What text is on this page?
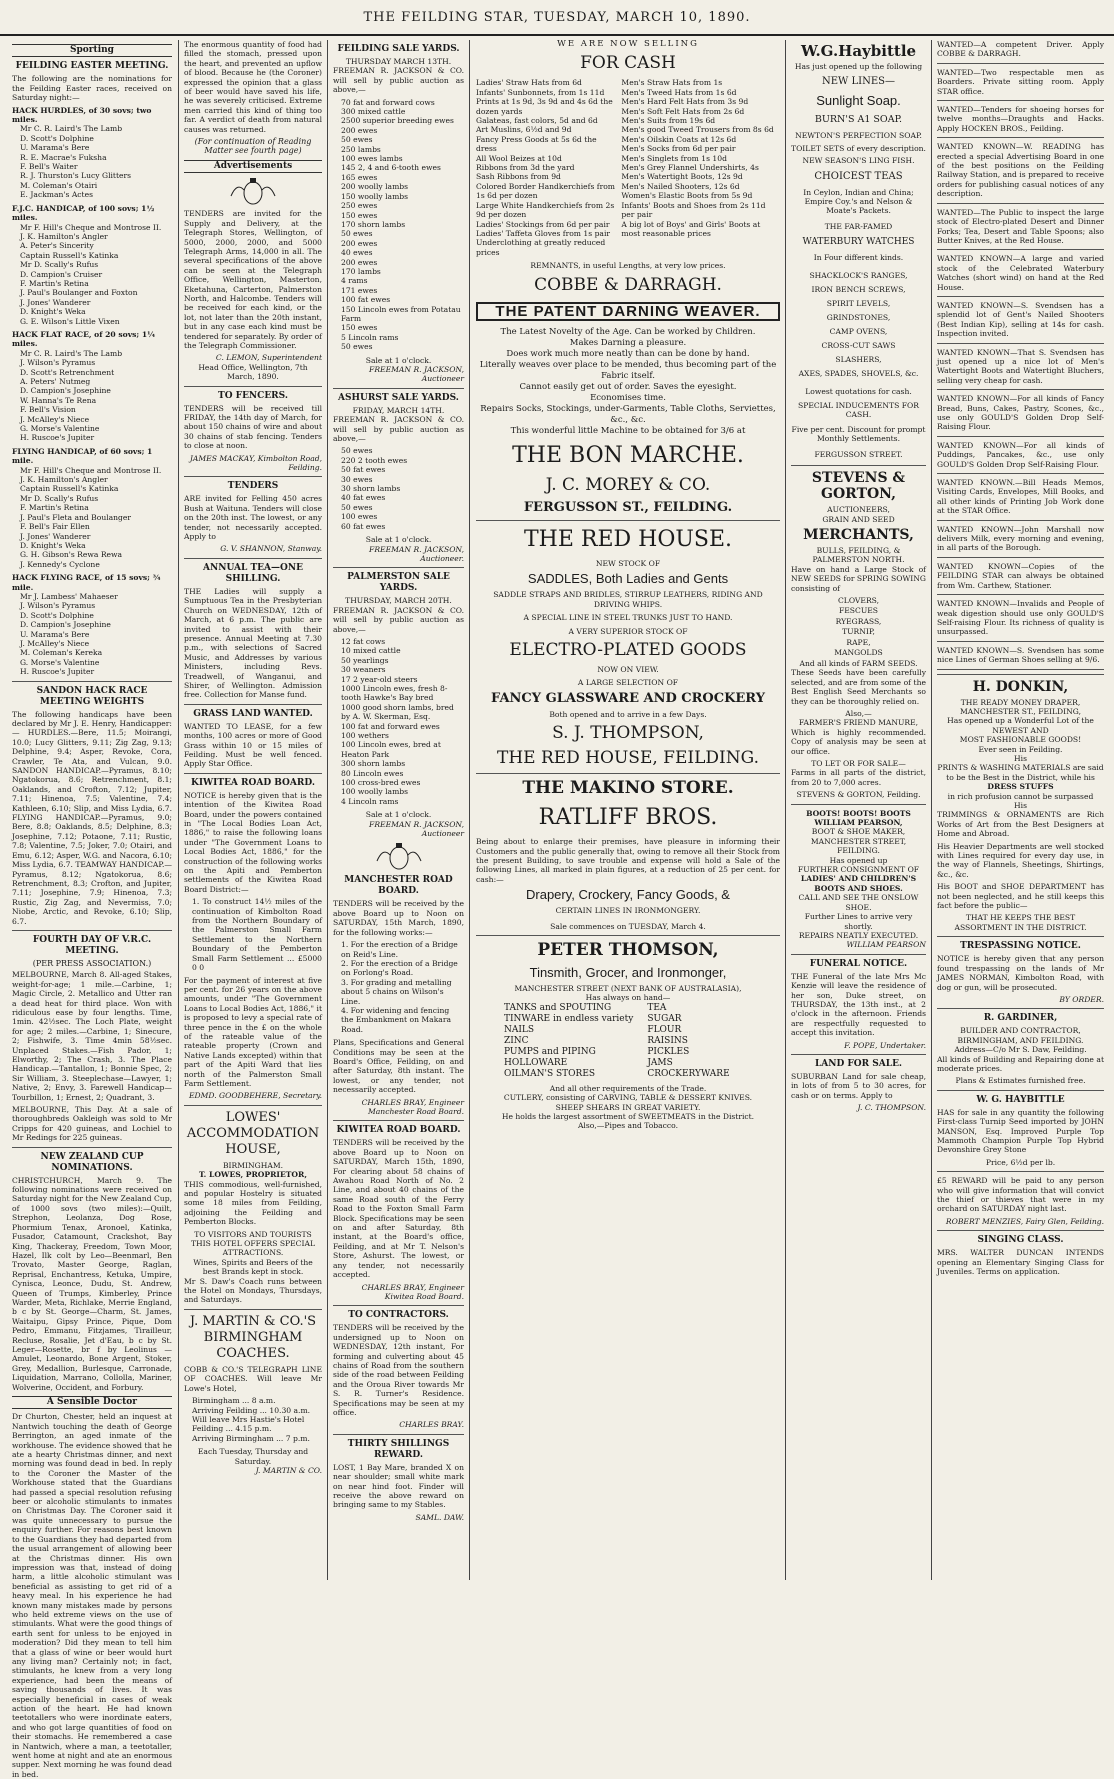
THE FEILDING STAR, TUESDAY, MARCH 10, 1890.
Sporting
FEILDING EASTER MEETING.

The following are the nominations for the Feilding Easter races, received on Saturday night:—

HACK HURDLES, of 30 sovs; two miles.
Mr C. R. Laird's The Lamb
D. Scott's Dolphine
U. Marama's Bere
R. E. Macrae's Fuksha
F. Bell's Waiter
R. J. Thurston's Lucy Glitters
M. Coleman's Otairi
E. Jackman's Actes
F.J.C. HANDICAP, of 100 sovs; 1½ miles.
Mr F. Hill's Cheque and Montrose II.
J. K. Hamilton's Angler
A. Peter's Sincerity
Captain Russell's Katinka
Mr D. Scally's Rufus
D. Campion's Cruiser
F. Martin's Retina
J. Paul's Boulanger and Foxton
J. Jones' Wanderer
D. Knight's Weka
G. E. Wilson's Little Vixen
HACK FLAT RACE, of 20 sovs; 1¼ miles.
Mr C. R. Laird's The Lamb
J. Wilson's Pyramus
D. Scott's Retrenchment
A. Peters' Nutmeg
D. Campion's Josephine
W. Hanna's Te Rena
F. Bell's Vision
J. McAlley's Niece
G. Morse's Valentine
H. Ruscoe's Jupiter
FLYING HANDICAP, of 60 sovs; 1 mile.
Mr F. Hill's Cheque and Montrose II.
J. K. Hamilton's Angler
Captain Russell's Katinka
Mr D. Scally's Rufus
F. Martin's Retina
J. Paul's Fleta and Boulanger
F. Bell's Fair Ellen
J. Jones' Wanderer
D. Knight's Weka
G. H. Gibson's Rewa Rewa
J. Kennedy's Cyclone
HACK FLYING RACE, of 15 sovs; ¾ mile.
Mr J. Lambess' Mahaeser
J. Wilson's Pyramus
D. Scott's Dolphine
D. Campion's Josephine
U. Marama's Bere
J. McAlley's Niece
M. Coleman's Kereka
G. Morse's Valentine
H. Ruscoe's Jupiter
SANDON HACK RACE MEETING WEIGHTS

The following handicaps have been declared by Mr J. E. Henry, Handicapper:— HURDLES.—Bere, 11.5; Moirangi, 10.0; Lucy Glitters, 9.11; Zig Zag, 9.13; Delphine, 9.4; Asper, Revoke, Cora, Crawler, Te Ata, and Vulcan, 9.0. SANDON HANDICAP.—Pyramus, 8.10; Ngatokorua, 8.6; Retrenchment, 8.1; Oaklands, and Crofton, 7.12; Jupiter, 7.11; Hinenoa, 7.5; Valentine, 7.4; Kathleen, 6.10; Slip, and Miss Lydia, 6.7. FLYING HANDICAP.—Pyramus, 9.0; Bere, 8.8; Oaklands, 8.5; Delphine, 8.3; Josephine, 7.12; Potaone, 7.11; Rustic, 7.8; Valentine, 7.5; Joker, 7.0; Otairi, and Emu, 6.12; Asper, W.G. and Nacora, 6.10; Miss Lydia, 6.7. TEAMWAY HANDICAP.—Pyramus, 8.12; Ngatokorua, 8.6; Retrenchment, 8.3; Crofton, and Jupiter, 7.11; Josephine, 7.9; Hinenoa, 7.3; Rustic, Zig Zag, and Nevermiss, 7.0; Niobe, Arctic, and Revoke, 6.10; Slip, 6.7.

FOURTH DAY OF V.R.C. MEETING.
(PER PRESS ASSOCIATION.)

MELBOURNE, March 8. All-aged Stakes, weight-for-age; 1 mile.—Carbine, 1; Magic Circle, 2. Metallico and Utter ran a dead heat for third place. Won with ridiculous ease by four lengths. Time, 1min. 42½sec. The Loch Plate, weight for age; 2 miles.—Carbine, 1; Sinecure, 2; Fishwife, 3. Time 4min 58½sec. Unplaced Stakes.—Fish Pador, 1; Elworthy, 2; The Crash, 3. The Place Handicap.—Tantallon, 1; Bonnie Spec, 2; Sir William, 3. Steeplechase—Lawyer, 1; Native, 2; Envy, 3. Farewell Handicap—Tourbillon, 1; Ernest, 2; Quadrant, 3.

MELBOURNE, This Day. At a sale of thoroughbreds Oakleigh was sold to Mr Cripps for 420 guineas, and Lochiel to Mr Redings for 225 guineas.

NEW ZEALAND CUP NOMINATIONS.

CHRISTCHURCH, March 9. The following nominations were received on Saturday night for the New Zealand Cup, of 1000 sovs (two miles):—Quilt, Strephon, Leolanza, Dog Rose, Phormium Tenax, Aronoel, Katinka, Fusador, Catamount, Crackshot, Bay King, Thackeray, Freedom, Town Moor, Hazel, Ilk colt by Leo—Beenmarl, Ben Trovato, Master George, Raglan, Reprisal, Enchantress, Ketuka, Umpire, Cynisca, Leonce, Dudu, St. Andrew, Queen of Trumps, Kimberley, Prince Warder, Meta, Richlake, Merrie England, b c by St. George—Charm, St. James, Waitaipu, Gipsy Prince, Pique, Dom Pedro, Emmanu, Fitzjames, Tirailleur, Recluse, Rosalie, Jet d'Eau, b c by St. Leger—Rosette, br f by Leolinus —Amulet, Leonardo, Bone Argent, Stoker, Grey, Medallion, Burlesque, Carronade, Liquidation, Marrano, Collolla, Mariner, Wolverine, Occident, and Forbury.

A Sensible Doctor

Dr Churton, Chester, held an inquest at Nantwich touching the death of George Berrington, an aged inmate of the workhouse. The evidence showed that he ate a hearty Christmas dinner, and next morning was found dead in bed. In reply to the Coroner the Master of the Workhouse stated that the Guardians had passed a special resolution refusing beer or alcoholic stimulants to inmates on Christmas Day. The Coroner said it was quite unnecessary to pursue the enquiry further. For reasons best known to the Guardians they had departed from the usual arrangement of allowing beer at the Christmas dinner. His own impression was that, instead of doing harm, a little alcoholic stimulant was beneficial as assisting to get rid of a heavy meal. In his experience he had known many mistakes made by persons who held extreme views on the use of stimulants. What were the good things of earth sent for unless to be enjoyed in moderation? Did they mean to tell him that a glass of wine or beer would hurt any living man? Certainly not; in fact, stimulants, he knew from a very long experience, had been the means of saving thousands of lives. It was especially beneficial in cases of weak action of the heart. He had known teetotallers who were inordinate eaters, and who got large quantities of food on their stomachs. He remembered a case in Nantwich, where a man, a teetotaller, went home at night and ate an enormous supper. Next morning he was found dead in bed.

The enormous quantity of food had filled the stomach, pressed upon the heart, and prevented an upflow of blood. Because he (the Coroner) expressed the opinion that a glass of beer would have saved his life, he was severely criticised. Extreme men carried this kind of thing too far. A verdict of death from natural causes was returned.

(For continuation of Reading Matter see fourth page)
Advertisements

TENDERS are invited for the Supply and Delivery, at the Telegraph Stores, Wellington, of 5000, 2000, 2000, and 5000 Telegraph Arms, 14,000 in all. The several specifications of the above can be seen at the Telegraph Office, Wellington, Masterton, Eketahuna, Carterton, Palmerston North, and Halcombe. Tenders will be received for each kind, or the lot, not later than the 20th instant, but in any case each kind must be tendered for separately. By order of the Telegraph Commissioner.

C. LEMON, Superintendent
Head Office, Wellington, 7th March, 1890.
TO FENCERS.

TENDERS will be received till FRIDAY, the 14th day of March, for about 150 chains of wire and about 30 chains of stab fencing. Tenders to close at noon.

JAMES MACKAY, Kimbolton Road, Feilding.
TENDERS

ARE invited for Felling 450 acres Bush at Waituna. Tenders will close on the 20th inst. The lowest, or any tender, not necessarily accepted. Apply to

G. V. SHANNON, Stanway.
ANNUAL TEA—ONE SHILLING.

THE Ladies will supply a Sumptuous Tea in the Presbyterian Church on WEDNESDAY, 12th of March, at 6 p.m. The public are invited to assist with their presence. Annual Meeting at 7.30 p.m., with selections of Sacred Music, and Addresses by various Ministers, including Revs. Treadwell, of Wanganui, and Shirer, of Wellington. Admission free. Collection for Manse fund.

GRASS LAND WANTED.

WANTED TO LEASE, for a few months, 100 acres or more of Good Grass within 10 or 15 miles of Feilding. Must be well fenced. Apply Star Office.

KIWITEA ROAD BOARD.

NOTICE is hereby given that is the intention of the Kiwitea Road Board, under the powers contained in "The Local Bodies Loan Act, 1886," to raise the following loans under "The Government Loans to Local Bodies Act, 1886," for the construction of the following works on the Apiti and Pemberton settlements of the Kiwitea Road Board District:—

1. To construct 14½ miles of the continuation of Kimbolton Road from the Northern Boundary of the Palmerston Small Farm Settlement to the Northern Boundary of the Pemberton Small Farm Settlement ... £5000 0 0

For the payment of interest at five per cent. for 26 years on the above amounts, under "The Government Loans to Local Bodies Act, 1886," it is proposed to levy a special rate of three pence in the £ on the whole of the rateable value of the rateable property (Crown and Native Lands excepted) within that part of the Apiti Ward that lies north of the Palmerston Small Farm Settlement.

EDMD. GOODBEHERE, Secretary.
LOWES' ACCOMMODATION HOUSE,
BIRMINGHAM.
T. LOWES, PROPRIETOR,

THIS commodious, well-furnished, and popular Hostelry is situated some 18 miles from Feilding, adjoining the Feilding and Pemberton Blocks.

TO VISITORS AND TOURISTS THIS HOTEL OFFERS SPECIAL ATTRACTIONS.
Wines, Spirits and Beers of the best Brands kept in stock.

Mr S. Daw's Coach runs between the Hotel on Mondays, Thursdays, and Saturdays.

J. MARTIN & CO.'S BIRMINGHAM COACHES.

COBB & CO.'S TELEGRAPH LINE OF COACHES. Will leave Mr Lowe's Hotel,

Birmingham ... 8 a.m.
Arriving Feilding ... 10.30 a.m.
Will leave Mrs Hastie's Hotel
Feilding ... 4.15 p.m.
Arriving Birmingham ... 7 p.m.
Each Tuesday, Thursday and Saturday.
J. MARTIN & CO.
FEILDING SALE YARDS.
THURSDAY MARCH 13TH.

FREEMAN R. JACKSON & CO. will sell by public auction as above,—

70 fat and forward cows
300 mixed cattle
2500 superior breeding ewes
200 ewes
50 ewes
250 lambs
100 ewes lambs
145 2, 4 and 6-tooth ewes
165 ewes
200 woolly lambs
150 woolly lambs
250 ewes
150 ewes
170 shorn lambs
50 ewes
200 ewes
40 ewes
200 ewes
170 lambs
4 rams
171 ewes
100 fat ewes
150 Lincoln ewes from Potatau Farm
150 ewes
5 Lincoln rams
50 ewes
Sale at 1 o'clock.
FREEMAN R. JACKSON, Auctioneer
ASHURST SALE YARDS.
FRIDAY, MARCH 14TH.

FREEMAN R. JACKSON & CO. will sell by public auction as above,—

50 ewes
220 2 tooth ewes
50 fat ewes
30 ewes
30 shorn lambs
40 fat ewes
50 ewes
100 ewes
60 fat ewes
Sale at 1 o'clock.
FREEMAN R. JACKSON, Auctioneer.
PALMERSTON SALE YARDS.
THURSDAY, MARCH 20TH.

FREEMAN R. JACKSON & CO. will sell by public auction as above,—

12 fat cows
10 mixed cattle
50 yearlings
30 weaners
17 2 year-old steers
1000 Lincoln ewes, fresh 8-tooth Hawke's Bay bred
1000 good shorn lambs, bred by A. W. Skerman, Esq.
100 fat and forward ewes
100 wethers
100 Lincoln ewes, bred at Heaton Park
300 shorn lambs
80 Lincoln ewes
100 cross-bred ewes
100 woolly lambs
4 Lincoln rams
Sale at 1 o'clock.
FREEMAN R. JACKSON, Auctioneer
MANCHESTER ROAD BOARD.

TENDERS will be received by the above Board up to Noon on SATURDAY, 15th March, 1890, for the following works:—

1. For the erection of a Bridge on Reid's Line.
2. For the erection of a Bridge on Forlong's Road.
3. For grading and metalling about 5 chains on Wilson's Line.
4. For widening and fencing the Embankment on Makara Road.

Plans, Specifications and General Conditions may be seen at the Board's Office, Feilding, on and after Saturday, 8th instant. The lowest, or any tender, not necessarily accepted.

CHARLES BRAY, Engineer Manchester Road Board.
KIWITEA ROAD BOARD.

TENDERS will be received by the above Board up to Noon on SATURDAY, March 15th, 1890, For clearing about 58 chains of Awahou Road North of No. 2 Line, and about 40 chains of the same Road south of the Ferry Road to the Foxton Small Farm Block. Specifications may be seen on and after Saturday, 8th instant, at the Board's office, Feilding, and at Mr T. Nelson's Store, Ashurst. The lowest, or any tender, not necessarily accepted.

CHARLES BRAY, Engineer Kiwitea Road Board.
TO CONTRACTORS.

TENDERS will be received by the undersigned up to Noon on WEDNESDAY, 12th instant, For forming and culverting about 45 chains of Road from the southern side of the road between Feilding and the Oroua River towards Mr S. R. Turner's Residence. Specifications may be seen at my office.

CHARLES BRAY.
THIRTY SHILLINGS REWARD.

LOST, 1 Bay Mare, branded X on near shoulder; small white mark on near hind foot. Finder will receive the above reward on bringing same to my Stables.

SAML. DAW.
WE ARE NOW SELLING
FOR CASH
Ladies' Straw Hats from 6d
Infants' Sunbonnets, from 1s 11d
Prints at 1s 9d, 3s 9d and 4s 6d the dozen yards
Galateas, fast colors, 5d and 6d
Art Muslins, 6½d and 9d
Fancy Press Goods at 5s 6d the dress
All Wool Beizes at 10d
Ribbons from 3d the yard
Sash Ribbons from 9d
Colored Border Handkerchiefs from 1s 6d per dozen
Large White Handkerchiefs from 2s 9d per dozen
Ladies' Stockings from 6d per pair
Ladies' Taffeta Gloves from 1s pair
Underclothing at greatly reduced prices
Men's Straw Hats from 1s
Men's Tweed Hats from 1s 6d
Men's Hard Felt Hats from 3s 9d
Men's Soft Felt Hats from 2s 6d
Men's Suits from 19s 6d
Men's good Tweed Trousers from 8s 6d
Men's Oilskin Coats at 12s 6d
Men's Socks from 6d per pair
Men's Singlets from 1s 10d
Men's Grey Flannel Undershirts, 4s
Men's Watertight Boots, 12s 9d
Men's Nailed Shooters, 12s 6d
Women's Elastic Boots from 5s 9d
Infants' Boots and Shoes from 2s 11d per pair
A big lot of Boys' and Girls' Boots at most reasonable prices
REMNANTS, in useful Lengths, at very low prices.
COBBE & DARRAGH.
THE PATENT DARNING WEAVER.
The Latest Novelty of the Age. Can be worked by Children.
Makes Darning a pleasure.
Does work much more neatly than can be done by hand.
Literally weaves over place to be mended, thus becoming part of the Fabric itself.
Cannot easily get out of order. Saves the eyesight.
Economises time.
Repairs Socks, Stockings, under-Garments, Table Cloths, Serviettes, &c., &c.
This wonderful little Machine to be obtained for 3/6 at
THE BON MARCHE.
J. C. MOREY & CO.
FERGUSSON ST., FEILDING.
THE RED HOUSE.
NEW STOCK OF
SADDLES, Both Ladies and Gents
SADDLE STRAPS AND BRIDLES, STIRRUP LEATHERS, RIDING AND DRIVING WHIPS.
A SPECIAL LINE IN STEEL TRUNKS JUST TO HAND.
A VERY SUPERIOR STOCK OF
ELECTRO-PLATED GOODS
NOW ON VIEW.
A LARGE SELECTION OF
FANCY GLASSWARE AND CROCKERY
Both opened and to arrive in a few Days.
S. J. THOMPSON,
THE RED HOUSE, FEILDING.
THE MAKINO STORE.
RATLIFF BROS.

Being about to enlarge their premises, have pleasure in informing their Customers and the public generally that, owing to remove all their Stock from the present Building, to save trouble and expense will hold a Sale of the following Lines, all marked in plain figures, at a reduction of 25 per cent. for cash:—

Drapery, Crockery, Fancy Goods, &
CERTAIN LINES IN IRONMONGERY.
Sale commences on TUESDAY, March 4.
PETER THOMSON,
Tinsmith, Grocer, and Ironmonger,
MANCHESTER STREET (NEXT BANK OF AUSTRALASIA),
Has always on hand—
TANKS and SPOUTING
TINWARE in endless variety
NAILS
ZINC
PUMPS and PIPING
HOLLOWARE
OILMAN'S STORES
TEA
SUGAR
FLOUR
RAISINS
PICKLES
JAMS
CROCKERYWARE
And all other requirements of the Trade.
CUTLERY, consisting of CARVING, TABLE & DESSERT KNIVES.
SHEEP SHEARS IN GREAT VARIETY.
He holds the largest assortment of SWEETMEATS in the District.
Also,—Pipes and Tobacco.
W.G.Haybittle
Has just opened up the following
NEW LINES—
Sunlight Soap.
BURN'S A1 SOAP.
NEWTON'S PERFECTION SOAP.
TOILET SETS of every description.
NEW SEASON'S LING FISH.
CHOICEST TEAS
In Ceylon, Indian and China;
Empire Coy.'s and Nelson & Moate's Packets.
THE FAR-FAMED
WATERBURY WATCHES
In Four different kinds.
SHACKLOCK'S RANGES,
IRON BENCH SCREWS,
SPIRIT LEVELS,
GRINDSTONES,
CAMP OVENS,
CROSS-CUT SAWS
SLASHERS,
AXES, SPADES, SHOVELS, &c.
Lowest quotations for cash.
SPECIAL INDUCEMENTS FOR CASH.
Five per cent. Discount for prompt Monthly Settlements.
FERGUSSON STREET.
STEVENS & GORTON,
AUCTIONEERS,
GRAIN AND SEED
MERCHANTS,
BULLS, FEILDING, & PALMERSTON NORTH.

Have on hand a Large Stock of NEW SEEDS for SPRING SOWING consisting of

CLOVERS,
FESCUES
RYEGRASS,
TURNIP,
RAPE,
MANGOLDS
And all kinds of FARM SEEDS.

These Seeds have been carefully selected, and are from some of the Best English Seed Merchants so they can be thoroughly relied on.

Also,—
FARMER'S FRIEND MANURE,

Which is highly recommended. Copy of analysis may be seen at our office.

TO LET OR FOR SALE—

Farms in all parts of the district, from 20 to 7,000 acres.

STEVENS & GORTON, Feilding.
BOOTS! BOOTS! BOOTS
WILLIAM PEARSON,
BOOT & SHOE MAKER,
MANCHESTER STREET, FEILDING.
Has opened up
FURTHER CONSIGNMENT OF
LADIES' AND CHILDREN'S
BOOTS AND SHOES.
CALL AND SEE THE ONSLOW SHOE.
Further Lines to arrive very shortly.
REPAIRS NEATLY EXECUTED.
WILLIAM PEARSON
FUNERAL NOTICE.

THE Funeral of the late Mrs Mc Kenzie will leave the residence of her son, Duke street, on THURSDAY, the 13th inst., at 2 o'clock in the afternoon. Friends are respectfully requested to accept this invitation.

F. POPE, Undertaker.
LAND FOR SALE.

SUBURBAN Land for sale cheap, in lots of from 5 to 30 acres, for cash or on terms. Apply to

J. C. THOMPSON.

WANTED—A competent Driver. Apply COBBE & DARRAGH.

WANTED—Two respectable men as Boarders. Private sitting room. Apply STAR office.

WANTED—Tenders for shoeing horses for twelve months—Draughts and Hacks. Apply HOCKEN BROS., Feilding.

WANTED KNOWN—W. READING has erected a special Advertising Board in one of the best positions on the Feilding Railway Station, and is prepared to receive orders for publishing casual notices of any description.

WANTED—The Public to inspect the large stock of Electro-plated Desert and Dinner Forks; Tea, Desert and Table Spoons; also Butter Knives, at the Red House.

WANTED KNOWN—A large and varied stock of the Celebrated Waterbury Watches (short wind) on hand at the Red House.

WANTED KNOWN—S. Svendsen has a splendid lot of Gent's Nailed Shooters (Best Indian Kip), selling at 14s for cash. Inspection invited.

WANTED KNOWN—That S. Svendsen has just opened up a nice lot of Men's Watertight Boots and Watertight Bluchers, selling very cheap for cash.

WANTED KNOWN—For all kinds of Fancy Bread, Buns, Cakes, Pastry, Scones, &c., use only GOULD'S Golden Drop Self-Raising Flour.

WANTED KNOWN—For all kinds of Puddings, Pancakes, &c., use only GOULD'S Golden Drop Self-Raising Flour.

WANTED KNOWN.—Bill Heads Memos, Visiting Cards, Envelopes, Mill Books, and all other kinds of Printing Job Work done at the STAR Office.

WANTED KNOWN—John Marshall now delivers Milk, every morning and evening, in all parts of the Borough.

WANTED KNOWN—Copies of the FEILDING STAR can always be obtained from Wm. Carthew, Stationer.

WANTED KNOWN—Invalids and People of weak digestion should use only GOULD'S Self-raising Flour. Its richness of quality is unsurpassed.

WANTED KNOWN—S. Svendsen has some nice Lines of German Shoes selling at 9/6.

H. DONKIN,
THE READY MONEY DRAPER,
MANCHESTER ST., FEILDING,
Has opened up a Wonderful Lot of the
NEWEST AND
MOST FASHIONABLE GOODS!
Ever seen in Feilding.
His
PRINTS & WASHING MATERIALS are said to be the Best in the District, while his
DRESS STUFFS
in rich profusion cannot be surpassed
His

TRIMMINGS & ORNAMENTS are Rich Works of Art from the Best Designers at Home and Abroad.

His Heavier Departments are well stocked with Lines required for every day use, in the way of Flannels, Sheetings, Shirtings, &c., &c.

His BOOT and SHOE DEPARTMENT has not been neglected, and he still keeps this fact before the public—

THAT HE KEEPS THE BEST ASSORTMENT IN THE DISTRICT.
TRESPASSING NOTICE.

NOTICE is hereby given that any person found trespassing on the lands of Mr JAMES NORMAN, Kimbolton Road, with dog or gun, will be prosecuted.

BY ORDER.
R. GARDINER,
BUILDER AND CONTRACTOR, BIRMINGHAM, AND FEILDING.
Address—C/o Mr S. Daw, Feilding.

All kinds of Building and Repairing done at moderate prices.

Plans & Estimates furnished free.
W. G. HAYBITTLE

HAS for sale in any quantity the following First-class Turnip Seed imported by JOHN MANSON, Esq. Improved Purple Top Mammoth Champion Purple Top Hybrid Devonshire Grey Stone

Price, 6½d per lb.

£5 REWARD will be paid to any person who will give information that will convict the thief or thieves that were in my orchard on SATURDAY night last.

ROBERT MENZIES, Fairy Glen, Feilding.
SINGING CLASS.

MRS. WALTER DUNCAN INTENDS opening an Elementary Singing Class for Juveniles. Terms on application.
